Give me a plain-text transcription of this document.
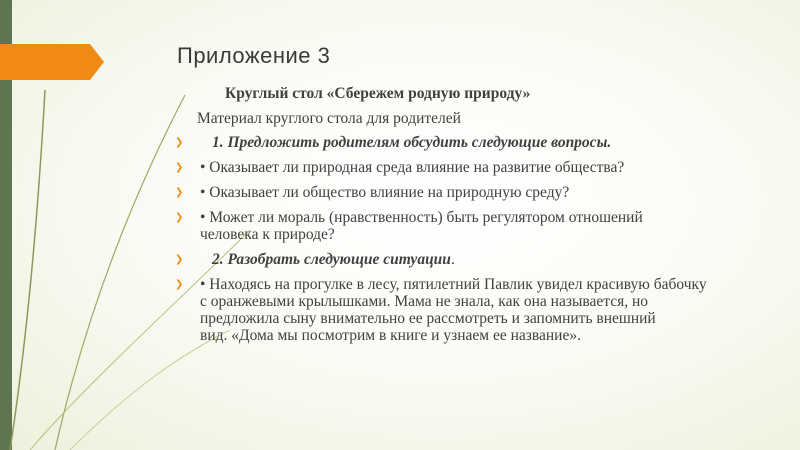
Приложение 3
Круглый стол «Сбережем родную природу»
Материал круглого стола для родителей
❯ 1. Предложить родителям обсудить следующие вопросы.
❯ • Оказывает ли природная среда влияние на развитие общества?
❯ • Оказывает ли общество влияние на природную среду?
❯ • Может ли мораль (нравственность) быть регулятором отношений
человека к природе?
❯ 2. Разобрать следующие ситуации.
❯ • Находясь на прогулке в лесу, пятилетний Павлик увидел красивую бабочку
с оранжевыми крылышками. Мама не знала, как она называется, но
предложила сыну внимательно ее рассмотреть и запомнить внешний
вид. «Дома мы посмотрим в книге и узнаем ее название».
